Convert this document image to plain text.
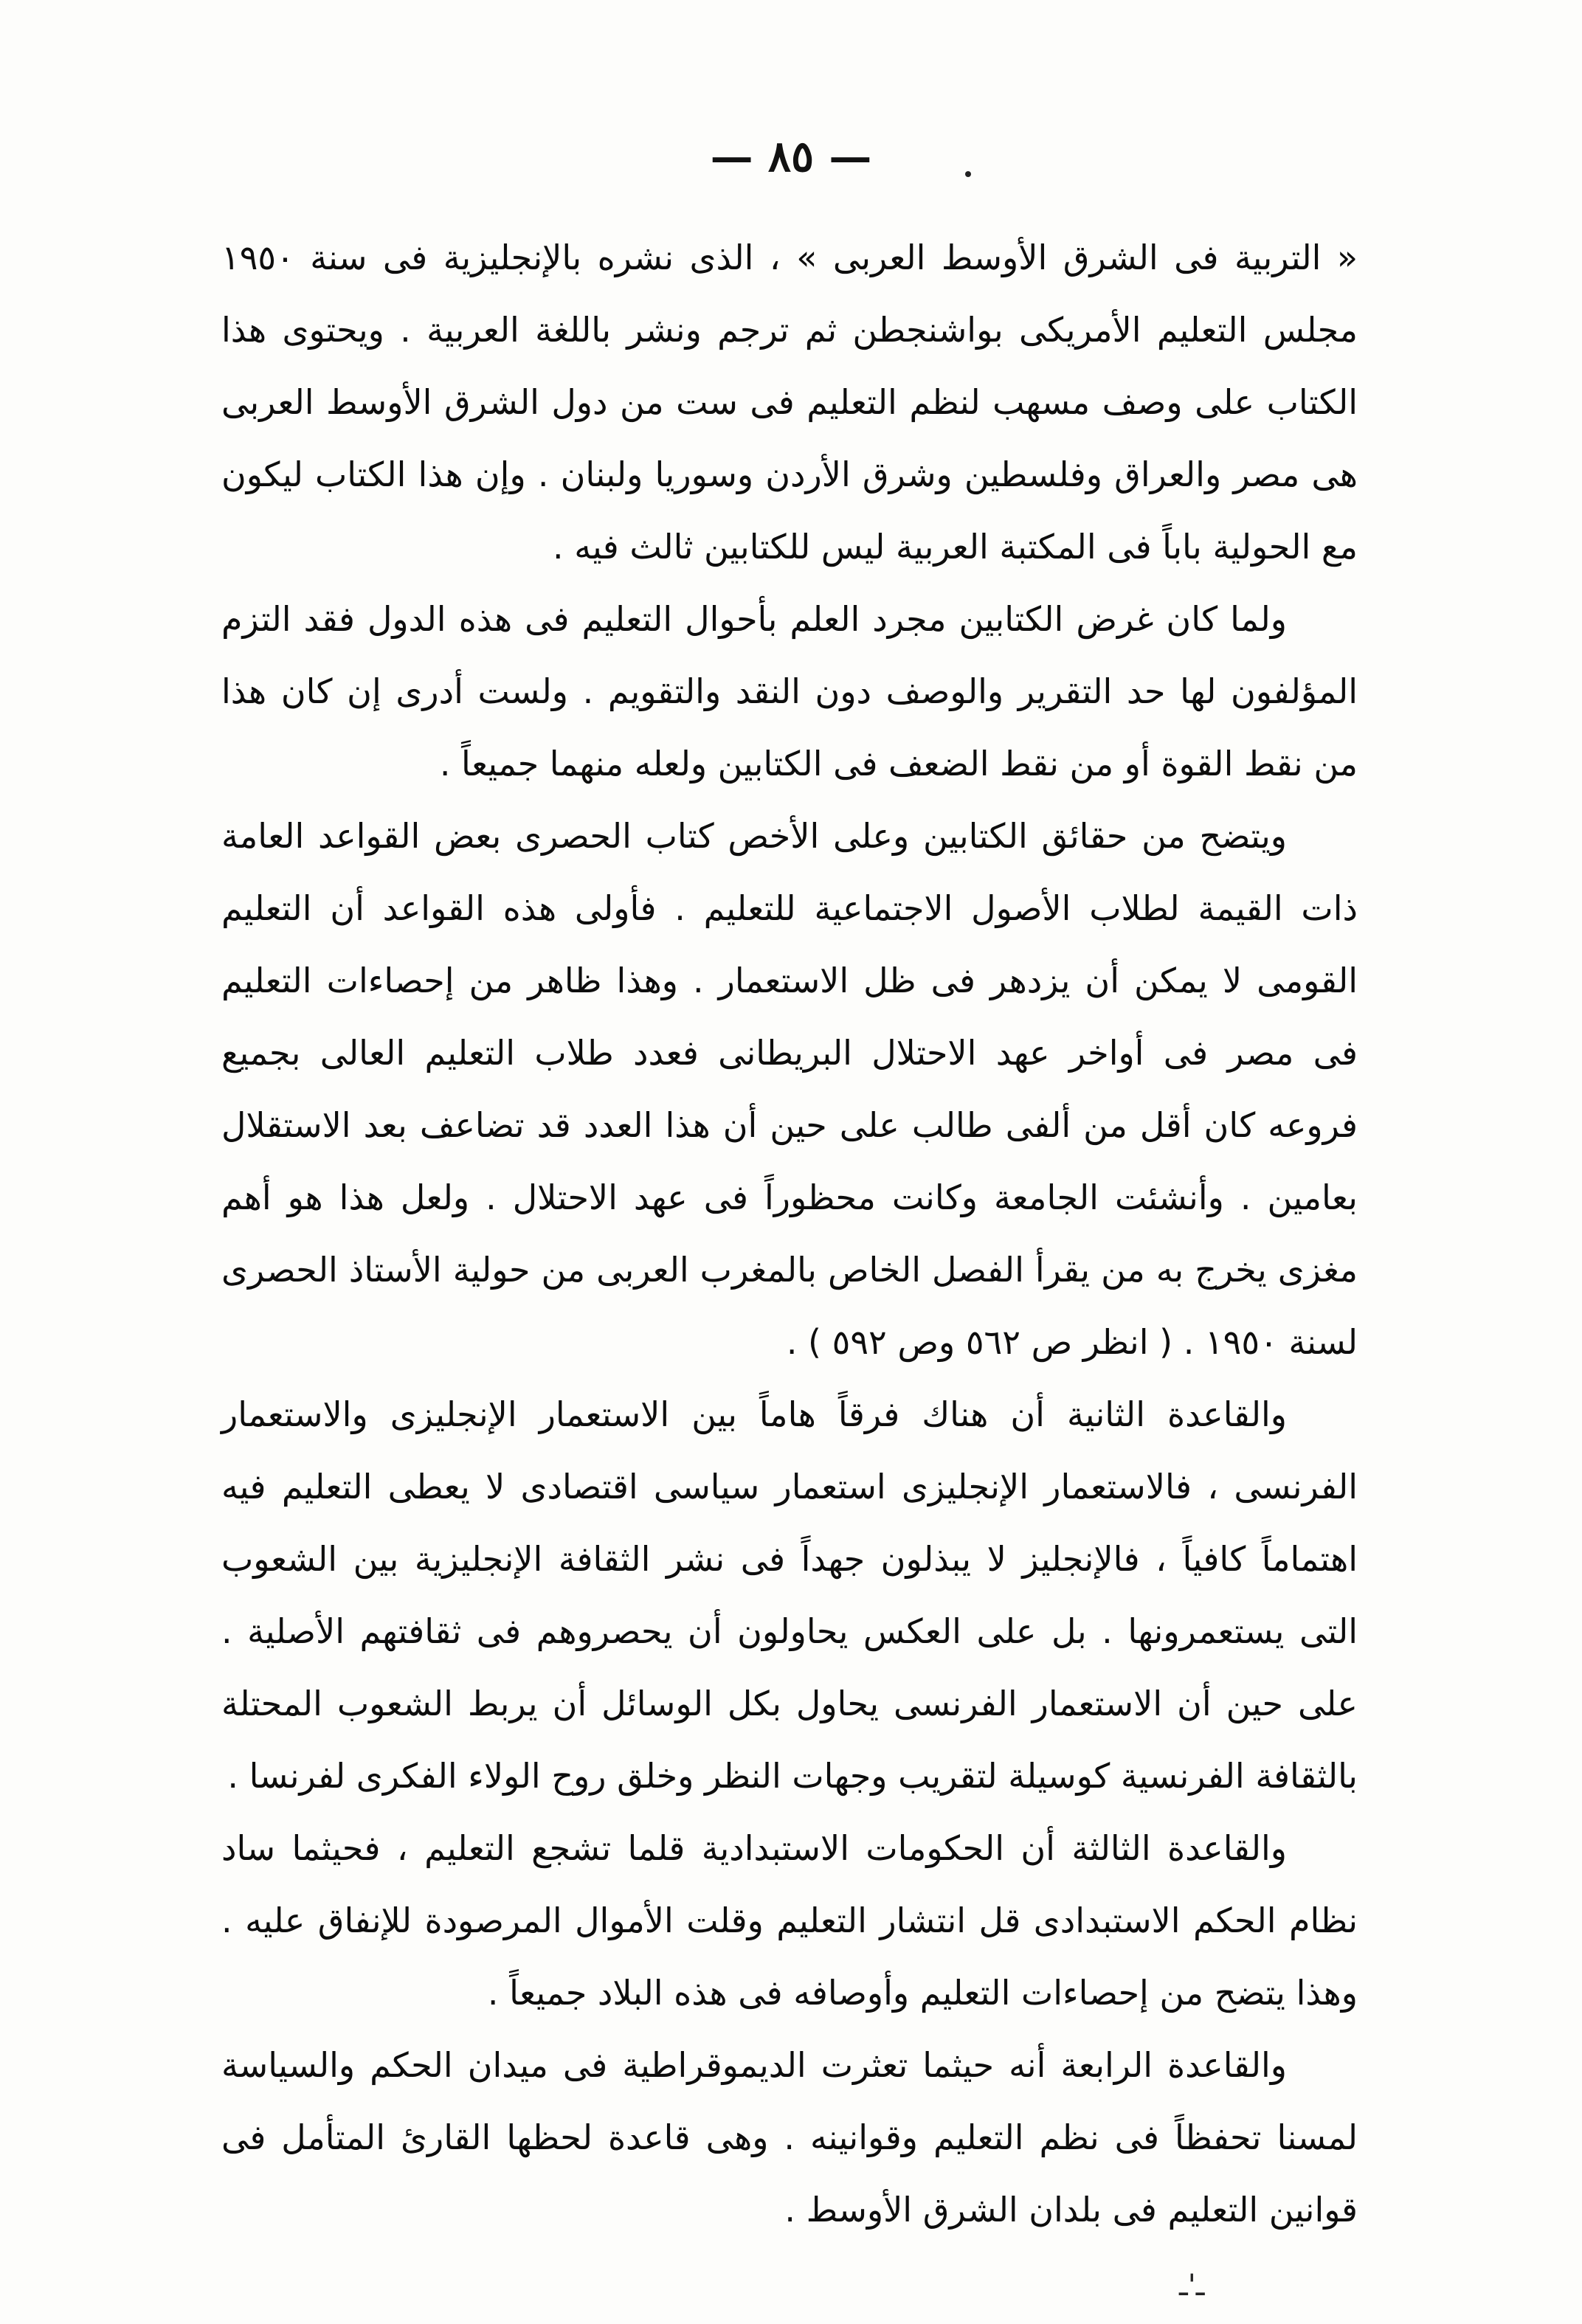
— ٨٥ —

« التربية فى الشرق الأوسط العربى » ، الذى نشره بالإنجليزية فى سنة ١٩٥٠ مجلس التعليم الأمريكى بواشنجطن ثم ترجم ونشر باللغة العربية . ويحتوى هذا الكتاب على وصف مسهب لنظم التعليم فى ست من دول الشرق الأوسط العربى هى مصر والعراق وفلسطين وشرق الأردن وسوريا ولبنان . وإن هذا الكتاب ليكون مع الحولية باباً فى المكتبة العربية ليس للكتابين ثالث فيه .

ولما كان غرض الكتابين مجرد العلم بأحوال التعليم فى هذه الدول فقد التزم المؤلفون لها حد التقرير والوصف دون النقد والتقويم . ولست أدرى إن كان هذا من نقط القوة أو من نقط الضعف فى الكتابين ولعله منهما جميعاً .

ويتضح من حقائق الكتابين وعلى الأخص كتاب الحصرى بعض القواعد العامة ذات القيمة لطلاب الأصول الاجتماعية للتعليم . فأولى هذه القواعد أن التعليم القومى لا يمكن أن يزدهر فى ظل الاستعمار . وهذا ظاهر من إحصاءات التعليم فى مصر فى أواخر عهد الاحتلال البريطانى فعدد طلاب التعليم العالى بجميع فروعه كان أقل من ألفى طالب على حين أن هذا العدد قد تضاعف بعد الاستقلال بعامين . وأنشئت الجامعة وكانت محظوراً فى عهد الاحتلال . ولعل هذا هو أهم مغزى يخرج به من يقرأ الفصل الخاص بالمغرب العربى من حولية الأستاذ الحصرى لسنة ١٩٥٠ . ( انظر ص ٥٦٢ وص ٥٩٢ ) .

والقاعدة الثانية أن هناك فرقاً هاماً بين الاستعمار الإنجليزى والاستعمار الفرنسى ، فالاستعمار الإنجليزى استعمار سياسى اقتصادى لا يعطى التعليم فيه اهتماماً كافياً ، فالإنجليز لا يبذلون جهداً فى نشر الثقافة الإنجليزية بين الشعوب التى يستعمرونها . بل على العكس يحاولون أن يحصروهم فى ثقافتهم الأصلية . على حين أن الاستعمار الفرنسى يحاول بكل الوسائل أن يربط الشعوب المحتلة بالثقافة الفرنسية كوسيلة لتقريب وجهات النظر وخلق روح الولاء الفكرى لفرنسا .

والقاعدة الثالثة أن الحكومات الاستبدادية قلما تشجع التعليم ، فحيثما ساد نظام الحكم الاستبدادى قل انتشار التعليم وقلت الأموال المرصودة للإنفاق عليه . وهذا يتضح من إحصاءات التعليم وأوصافه فى هذه البلاد جميعاً .

والقاعدة الرابعة أنه حيثما تعثرت الديموقراطية فى ميدان الحكم والسياسة لمسنا تحفظاً فى نظم التعليم وقوانينه . وهى قاعدة لحظها القارئ المتأمل فى قوانين التعليم فى بلدان الشرق الأوسط .

ـ'ـ
